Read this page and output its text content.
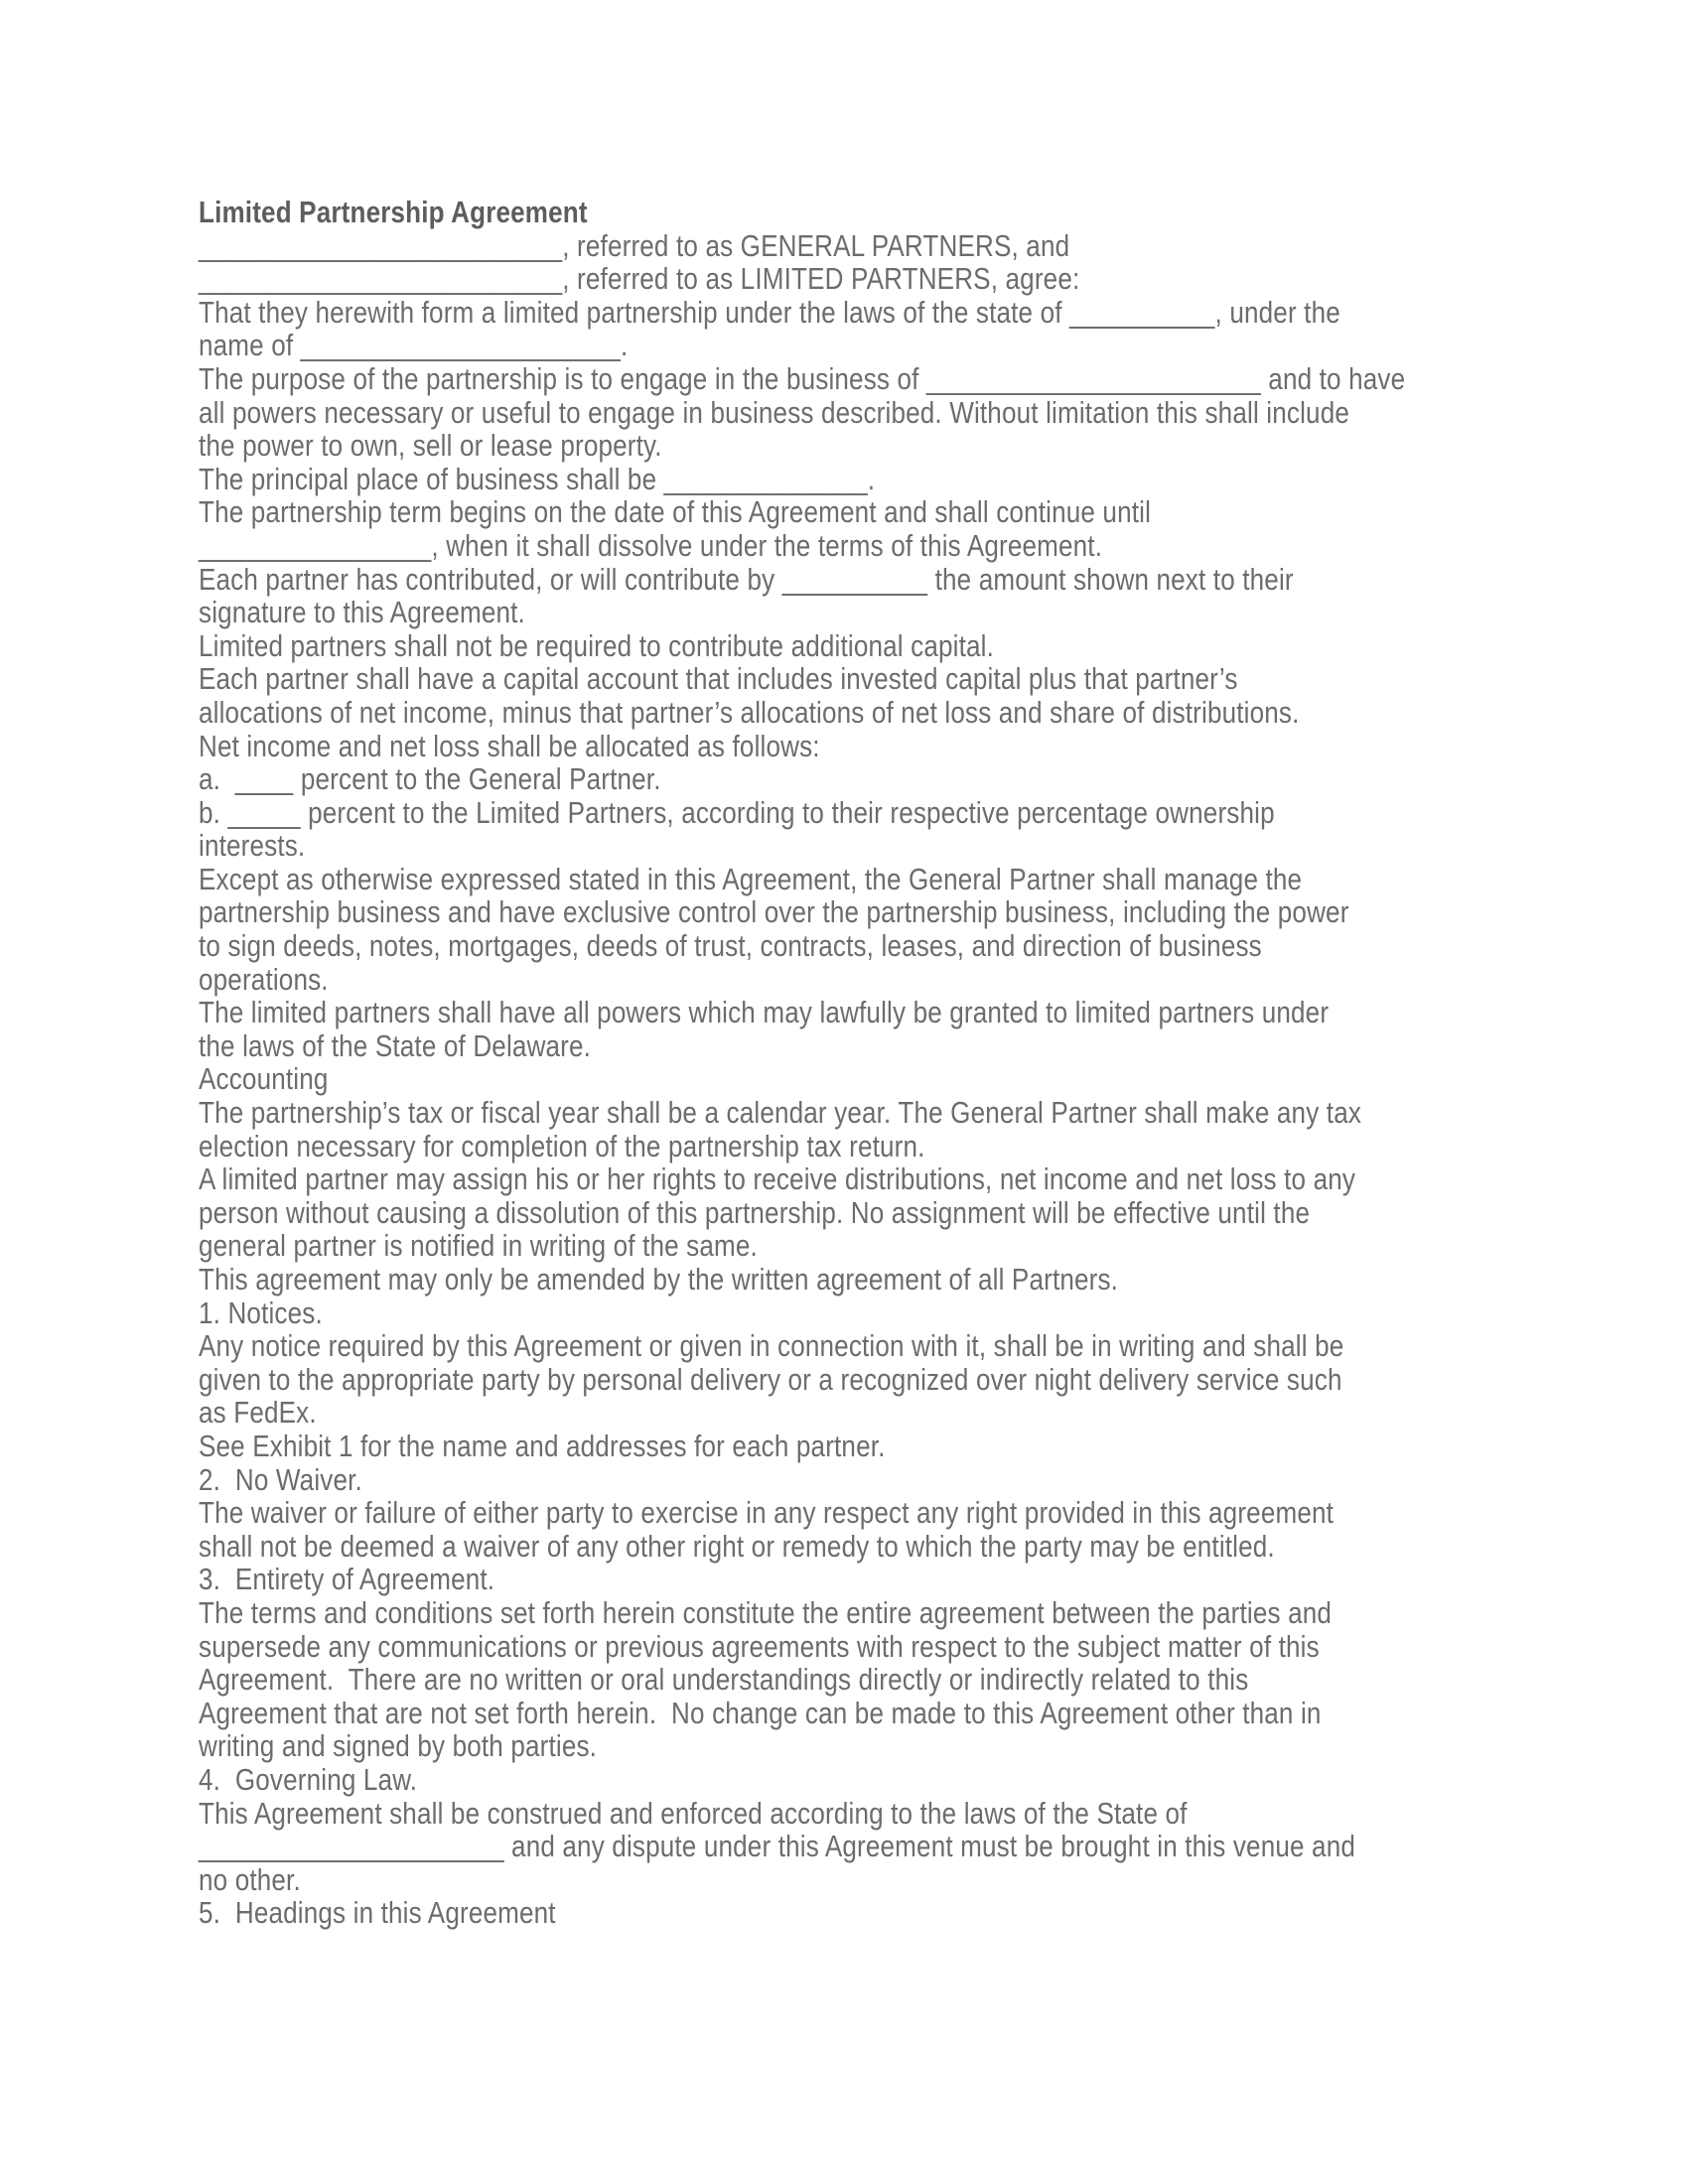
Limited Partnership Agreement
_________________________, referred to as GENERAL PARTNERS, and
_________________________, referred to as LIMITED PARTNERS, agree:
That they herewith form a limited partnership under the laws of the state of __________, under the
name of ______________________.
The purpose of the partnership is to engage in the business of _______________________ and to have
all powers necessary or useful to engage in business described. Without limitation this shall include
the power to own, sell or lease property.
The principal place of business shall be ______________.
The partnership term begins on the date of this Agreement and shall continue until
________________, when it shall dissolve under the terms of this Agreement.
Each partner has contributed, or will contribute by __________ the amount shown next to their
signature to this Agreement.
Limited partners shall not be required to contribute additional capital.
Each partner shall have a capital account that includes invested capital plus that partner’s
allocations of net income, minus that partner’s allocations of net loss and share of distributions.
Net income and net loss shall be allocated as follows:
a.  ____ percent to the General Partner.
b. _____ percent to the Limited Partners, according to their respective percentage ownership
interests.
Except as otherwise expressed stated in this Agreement, the General Partner shall manage the
partnership business and have exclusive control over the partnership business, including the power
to sign deeds, notes, mortgages, deeds of trust, contracts, leases, and direction of business
operations.
The limited partners shall have all powers which may lawfully be granted to limited partners under
the laws of the State of Delaware.
Accounting
The partnership’s tax or fiscal year shall be a calendar year. The General Partner shall make any tax
election necessary for completion of the partnership tax return.
A limited partner may assign his or her rights to receive distributions, net income and net loss to any
person without causing a dissolution of this partnership. No assignment will be effective until the
general partner is notified in writing of the same.
This agreement may only be amended by the written agreement of all Partners.
1. Notices.
Any notice required by this Agreement or given in connection with it, shall be in writing and shall be
given to the appropriate party by personal delivery or a recognized over night delivery service such
as FedEx.
See Exhibit 1 for the name and addresses for each partner.
2.  No Waiver.
The waiver or failure of either party to exercise in any respect any right provided in this agreement
shall not be deemed a waiver of any other right or remedy to which the party may be entitled.
3.  Entirety of Agreement.
The terms and conditions set forth herein constitute the entire agreement between the parties and
supersede any communications or previous agreements with respect to the subject matter of this
Agreement.  There are no written or oral understandings directly or indirectly related to this
Agreement that are not set forth herein.  No change can be made to this Agreement other than in
writing and signed by both parties.
4.  Governing Law.
This Agreement shall be construed and enforced according to the laws of the State of
_____________________ and any dispute under this Agreement must be brought in this venue and
no other.
5.  Headings in this Agreement
